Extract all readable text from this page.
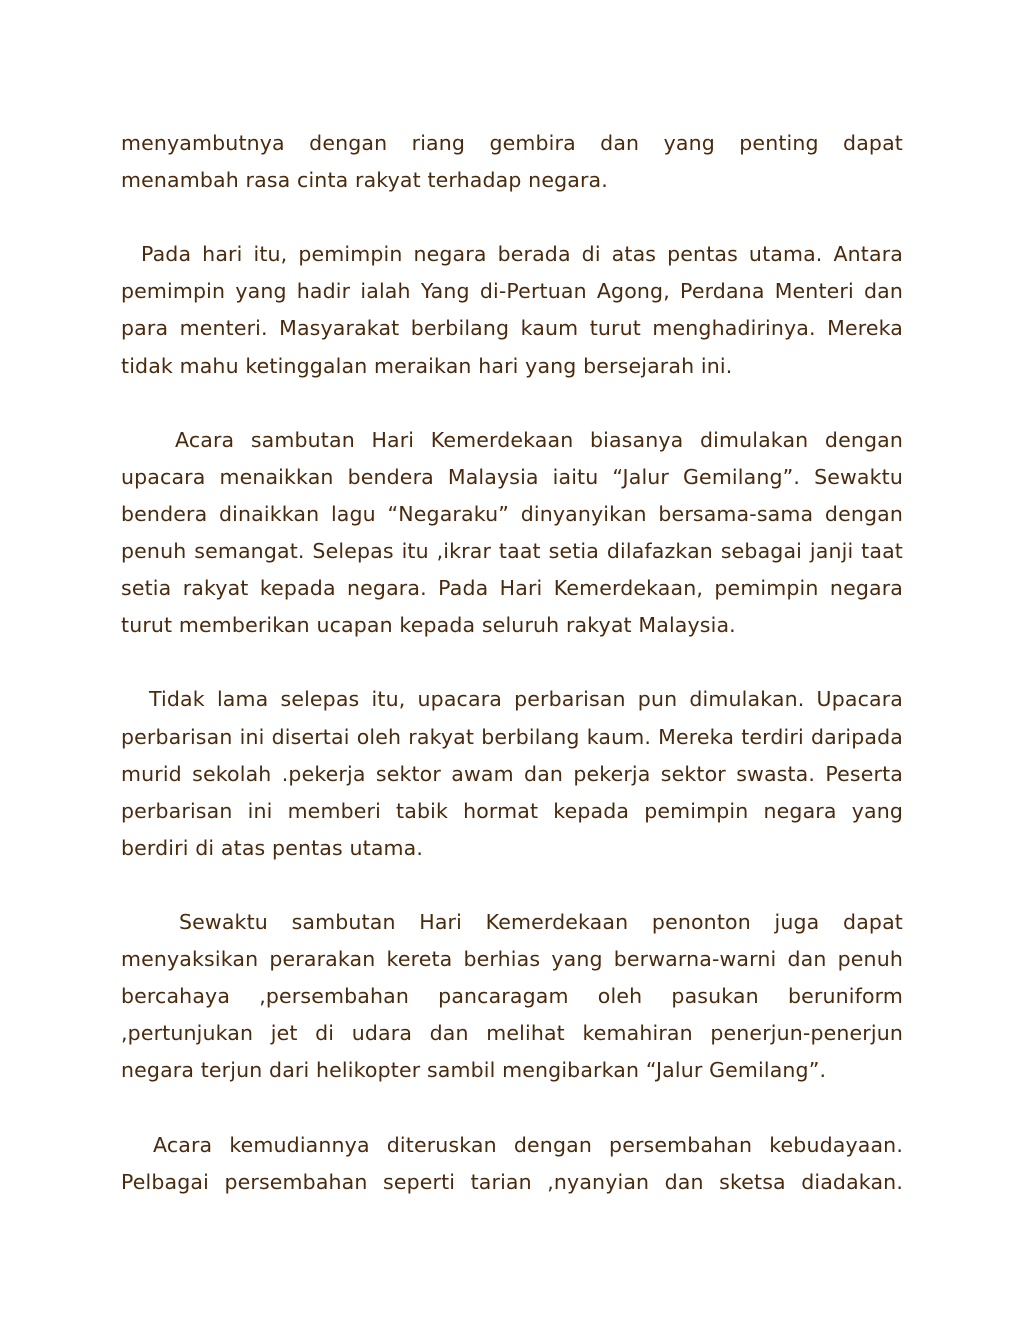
menyambutnya dengan riang gembira dan yang penting dapat menambah rasa cinta rakyat terhadap negara.

Pada hari itu, pemimpin negara berada di atas pentas utama. Antara pemimpin yang hadir ialah Yang di-Pertuan Agong, Perdana Menteri dan para menteri. Masyarakat berbilang kaum turut menghadirinya. Mereka tidak mahu ketinggalan meraikan hari yang bersejarah ini.

Acara sambutan Hari Kemerdekaan biasanya dimulakan dengan upacara menaikkan bendera Malaysia iaitu “Jalur Gemilang”. Sewaktu bendera dinaikkan lagu “Negaraku” dinyanyikan bersama-sama dengan penuh semangat. Selepas itu ,ikrar taat setia dilafazkan sebagai janji taat setia rakyat kepada negara. Pada Hari Kemerdekaan, pemimpin negara turut memberikan ucapan kepada seluruh rakyat Malaysia.

Tidak lama selepas itu, upacara perbarisan pun dimulakan. Upacara perbarisan ini disertai oleh rakyat berbilang kaum. Mereka terdiri daripada murid sekolah .pekerja sektor awam dan pekerja sektor swasta. Peserta perbarisan ini memberi tabik hormat kepada pemimpin negara yang berdiri di atas pentas utama.

Sewaktu sambutan Hari Kemerdekaan penonton juga dapat menyaksikan perarakan kereta berhias yang berwarna-warni dan penuh bercahaya ,persembahan pancaragam oleh pasukan beruniform ,pertunjukan jet di udara dan melihat kemahiran penerjun-penerjun negara terjun dari helikopter sambil mengibarkan “Jalur Gemilang”.

Acara kemudiannya diteruskan dengan persembahan kebudayaan. Pelbagai persembahan seperti tarian ,nyanyian dan sketsa diadakan.
